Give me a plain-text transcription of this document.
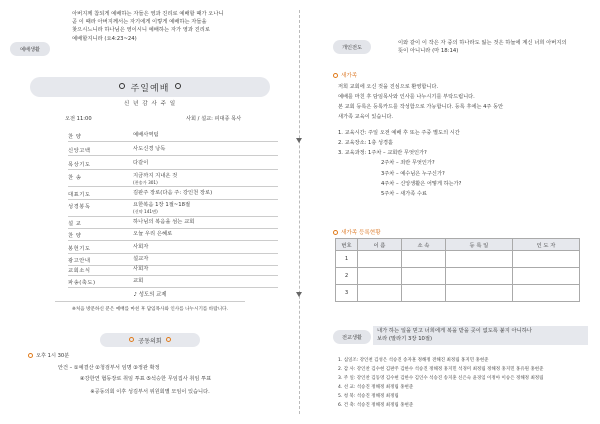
예배생활
아버지께 참되게 예배하는 자들은 영과 진리로 예배할 때가 오나니
곧 이 때라 아버지께서는 자기에게 이렇게 예배하는 자들을
찾으시느니라 하나님은 영이시니 예배하는 자가 영과 진리로
예배할지니라 (요4:23~24)
주일예배
신 년 감 사 주 일
오전 11:00	사회 / 설교: 피대종 목사
찬 양	예배사역팀
신앙고백	사도신경 낭독
목상기도	다같이
찬 송	지금까지 지내온 것
(찬송가 301)
대표기도	김판주 장로(다음 주: 강인천 장로)
성경봉독	요한복음 1장 1절~18절
(신약 141면)
설 교	하나님의 복음을 섬는 교회
찬 양	오늘 우리 은혜로
봉헌기도	사회자
광고안내	설교자
교회소식	사회자
파송(축도)	교회
♪ 성도의 교제
※처음 방문하신 분은 예배를 마친 후 담임목사와 인사를 나누시기를 바랍니다.
공동의회
오후 1시 30분
안건 – ①예결산 ②청검부서 임명 ③정관 확정
④강한연 협동장로 취임 투표 ⑤석승한 무임집사 취임 투표
※공동의회 이후 성김부서 위원회별 모임이 있습니다.
개인전도
이와 같이 이 작은 자 중의 하나라도 잃는 것은 하늘에 계신 너희 아버지의
뜻이 아니니라 (마 18:14)
새가족
저희 교회에 오신 것을 진심으로 환영합니다.
예배를 마친 후 담임목사와 인사를 나누시기를 부탁드립니다.
본 교회 등록은 등록카드를 작성함으로 가능합니다. 등록 후에는 4주 동안
새가족 교육이 있습니다.
1. 교육시간: 주일 오전 예배 후 또는 주중 별도의 시간
2. 교육장소: 1층 성경홀
3. 교육과정: 1주차 – 교회란 무엇인가?
2주차 – 죄란 무엇인가?
3주차 – 예수님은 누구신가?
4주차 – 신앙생활은 어떻게 하는가?
5주차 – 새가족 수료
새가족 등록현황
번호	이 름	소 속	등 록 일	인 도 자
1				
2				
3				
전교생활
내가 하는 일을 믿고 너희에게 복을 받을 곳이 없도록 붙지 아니하나
보라 (말라기 3장 10절)
1. 십일조: 강인천 김성은 석승진 송자훈 정해정 전해진 최정림 홍지민 홍현준
2. 감 사: 강인찬 김수현 김판주 김한수 석승진 정해정 홍지민 석경미 최정림 정해정 홍지민 홍유원 홍현준
3. 주 일: 강인찬 김동영 김수현 김한수 김인수 석승진 송지훈 신은숙 윤경임 이정아 이승은 정해정 최정림
4. 선 교: 석승진 정해정 최정림 홍현준
5. 청 북: 석승진 정해정 최정림
6. 건 축: 석승진 정해정 최정림 홍현준
